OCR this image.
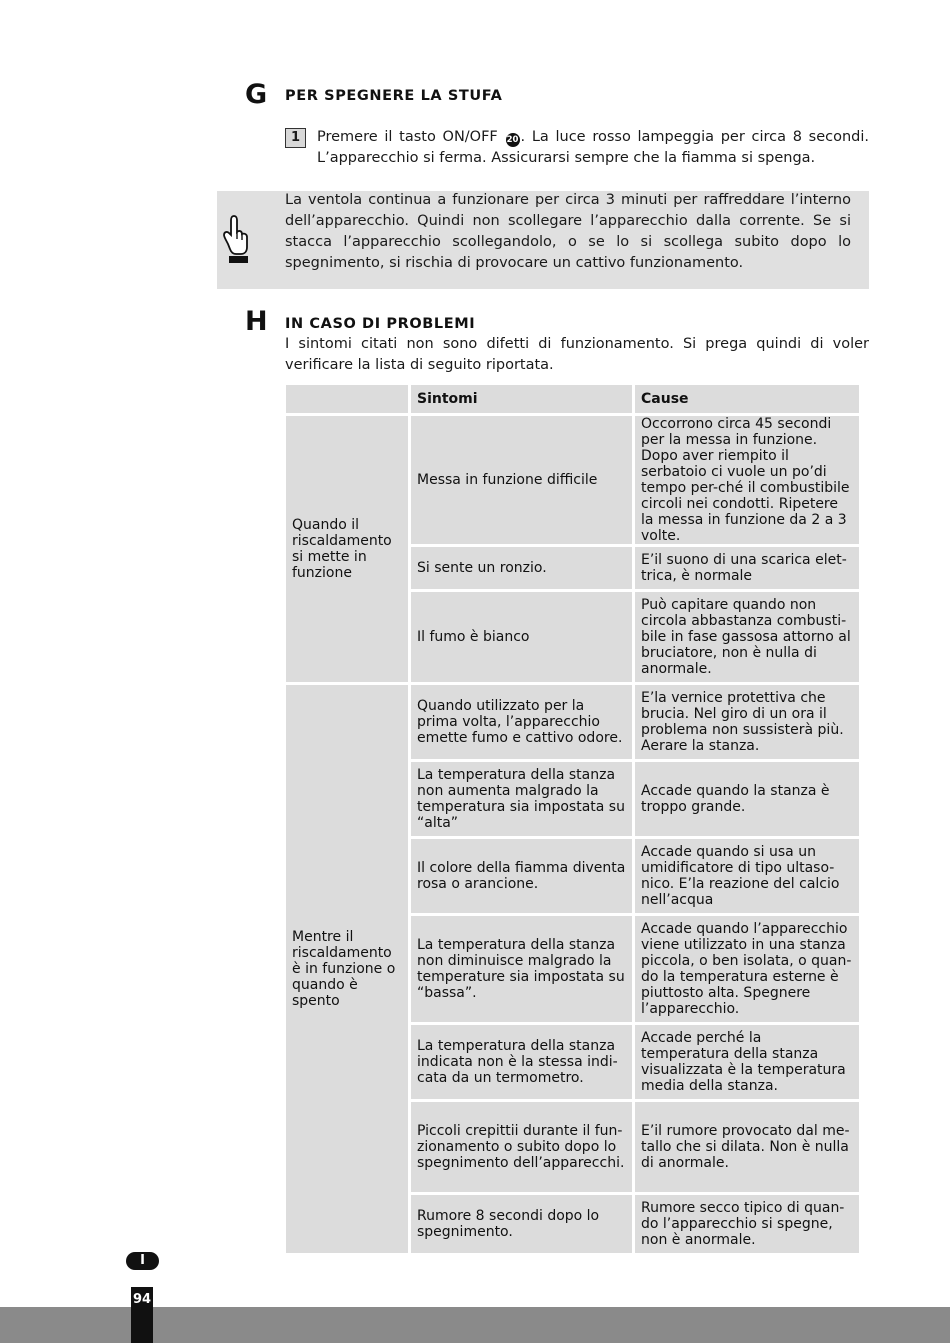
G PER SPEGNERE LA STUFA
1	Premere il tasto ON/OFF 20 . La luce rosso lampeggia per circa 8 secondi. L’apparecchio si ferma. Assicurarsi sempre che la fiamma si spenga.
La ventola continua a funzionare per circa 3 minuti per raffreddare l’interno dell’apparecchio. Quindi non scollegare l’apparecchio dalla corrente. Se si stacca l’apparecchio scollegandolo, o se lo si scollega subito dopo lo spegnimento, si rischia di provocare un cattivo funzionamento.
H IN CASO DI PROBLEMI
I sintomi citati non sono difetti di funzionamento. Si prega quindi di voler verificare la lista di seguito riportata.
	Sintomi	Cause
Quando il riscaldamento si mette in funzione	Messa in funzione difficile	Occorrono circa 45 secondi per la messa in funzione. Dopo aver riempito il serbatoio ci vuole un po’di tempo per-ché il combustibile circoli nei condotti. Ripetere la messa in funzione da 2 a 3 volte.
	Si sente un ronzio.	E’il suono di una scarica elet-trica, è normale
	Il fumo è bianco	Può capitare quando non circola abbastanza combusti-bile in fase gassosa attorno al bruciatore, non è nulla di anormale.
Mentre il riscaldamento è in funzione o quando è spento	Quando utilizzato per la prima volta, l’apparecchio emette fumo e cattivo odore.	E’la vernice protettiva che brucia. Nel giro di un ora il problema non sussisterà più. Aerare la stanza.
	La temperatura della stanza non aumenta malgrado la temperatura sia impostata su “alta”	Accade quando la stanza è troppo grande.
	Il colore della fiamma diventa rosa o arancione.	Accade quando si usa un umidificatore di tipo ultaso-nico. E’la reazione del calcio nell’acqua
	La temperatura della stanza non diminuisce malgrado la temperature sia impostata su “bassa”.	Accade quando l’apparecchio viene utilizzato in una stanza piccola, o ben isolata, o quan-do la temperatura esterne è piuttosto alta. Spegnere l’apparecchio.
	La temperatura della stanza indicata non è la stessa indi-cata da un termometro.	Accade perché la temperatura della stanza visualizzata è la temperatura media della stanza.
	Piccoli crepittii durante il fun-zionamento o subito dopo lo spegnimento dell’apparecchi.	E’il rumore provocato dal me-tallo che si dilata. Non è nulla di anormale.
	Rumore 8 secondi dopo lo spegnimento.	Rumore secco tipico di quan-do l’apparecchio si spegne, non è anormale.
I
94
